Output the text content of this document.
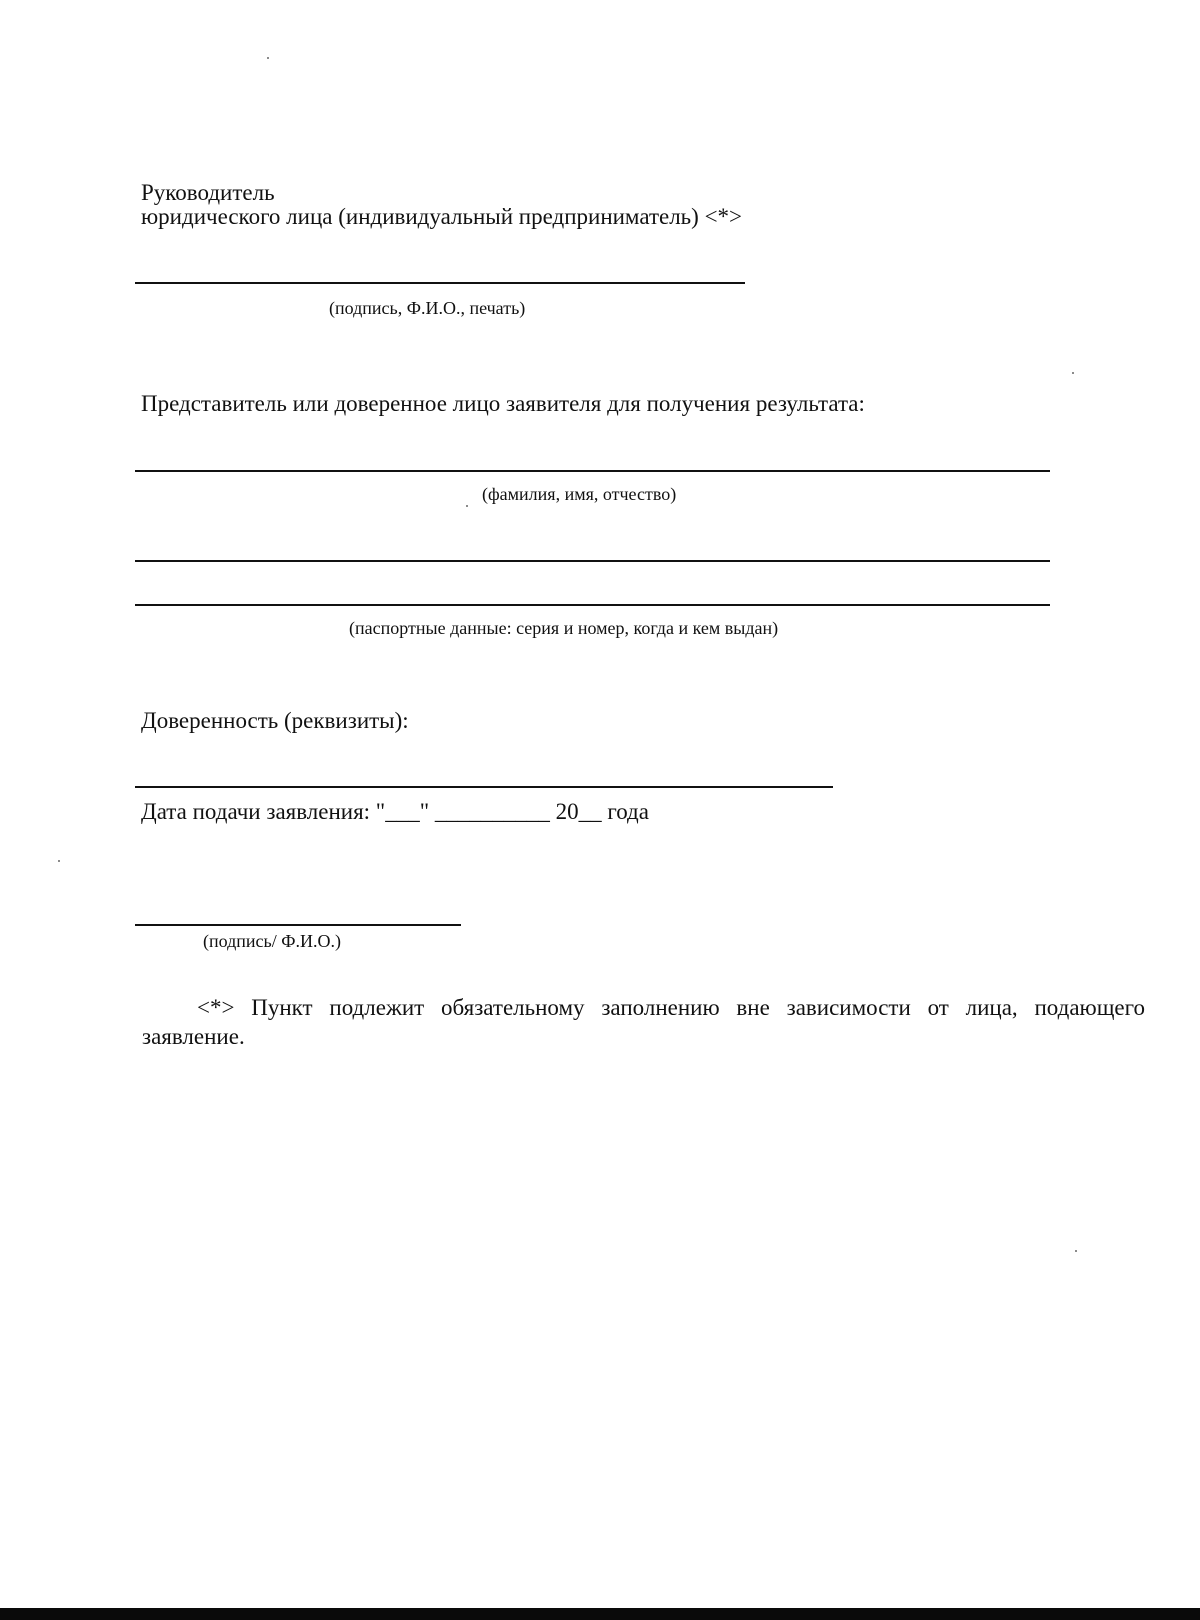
Руководитель
юридического лица (индивидуальный предприниматель) <*>
(подпись, Ф.И.О., печать)
Представитель или доверенное лицо заявителя для получения результата:
(фамилия, имя, отчество)
(паспортные данные: серия и номер, когда и кем выдан)
Доверенность (реквизиты):
Дата подачи заявления: "___" __________ 20__ года
(подпись/ Ф.И.О.)
<*> Пункт подлежит обязательному заполнению вне зависимости от лица, подающего заявление.
